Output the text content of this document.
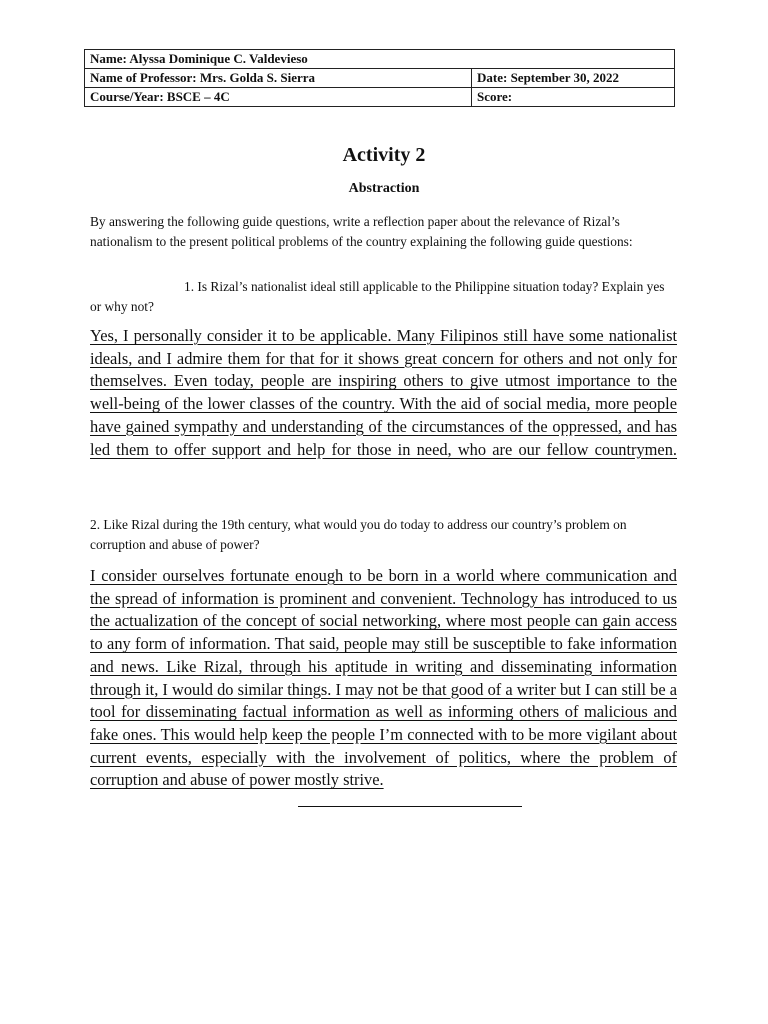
Name: Alyssa Dominique C. Valdevieso	
Name of Professor: Mrs. Golda S. Sierra	Date: September 30, 2022
Course/Year: BSCE – 4C	Score:
Activity 2
Abstraction

By answering the following guide questions, write a reflection paper about the relevance of Rizal’s nationalism to the present political problems of the country explaining the following guide questions:

1. Is Rizal’s nationalist ideal still applicable to the Philippine situation today? Explain yes or why not?

Yes, I personally consider it to be applicable. Many Filipinos still have some nationalist ideals, and I admire them for that for it shows great concern for others and not only for themselves. Even today, people are inspiring others to give utmost importance to the well-being of the lower classes of the country. With the aid of social media, more people have gained sympathy and understanding of the circumstances of the oppressed, and has led them to offer support and help for those in need, who are our fellow countrymen.

2. Like Rizal during the 19th century, what would you do today to address our country’s problem on corruption and abuse of power?

I consider ourselves fortunate enough to be born in a world where communication and the spread of information is prominent and convenient. Technology has introduced to us the actualization of the concept of social networking, where most people can gain access to any form of information. That said, people may still be susceptible to fake information and news. Like Rizal, through his aptitude in writing and disseminating information through it, I would do similar things. I may not be that good of a writer but I can still be a tool for disseminating factual information as well as informing others of malicious and fake ones. This would help keep the people I’m connected with to be more vigilant about current events, especially with the involvement of politics, where the problem of corruption and abuse of power mostly strive.
